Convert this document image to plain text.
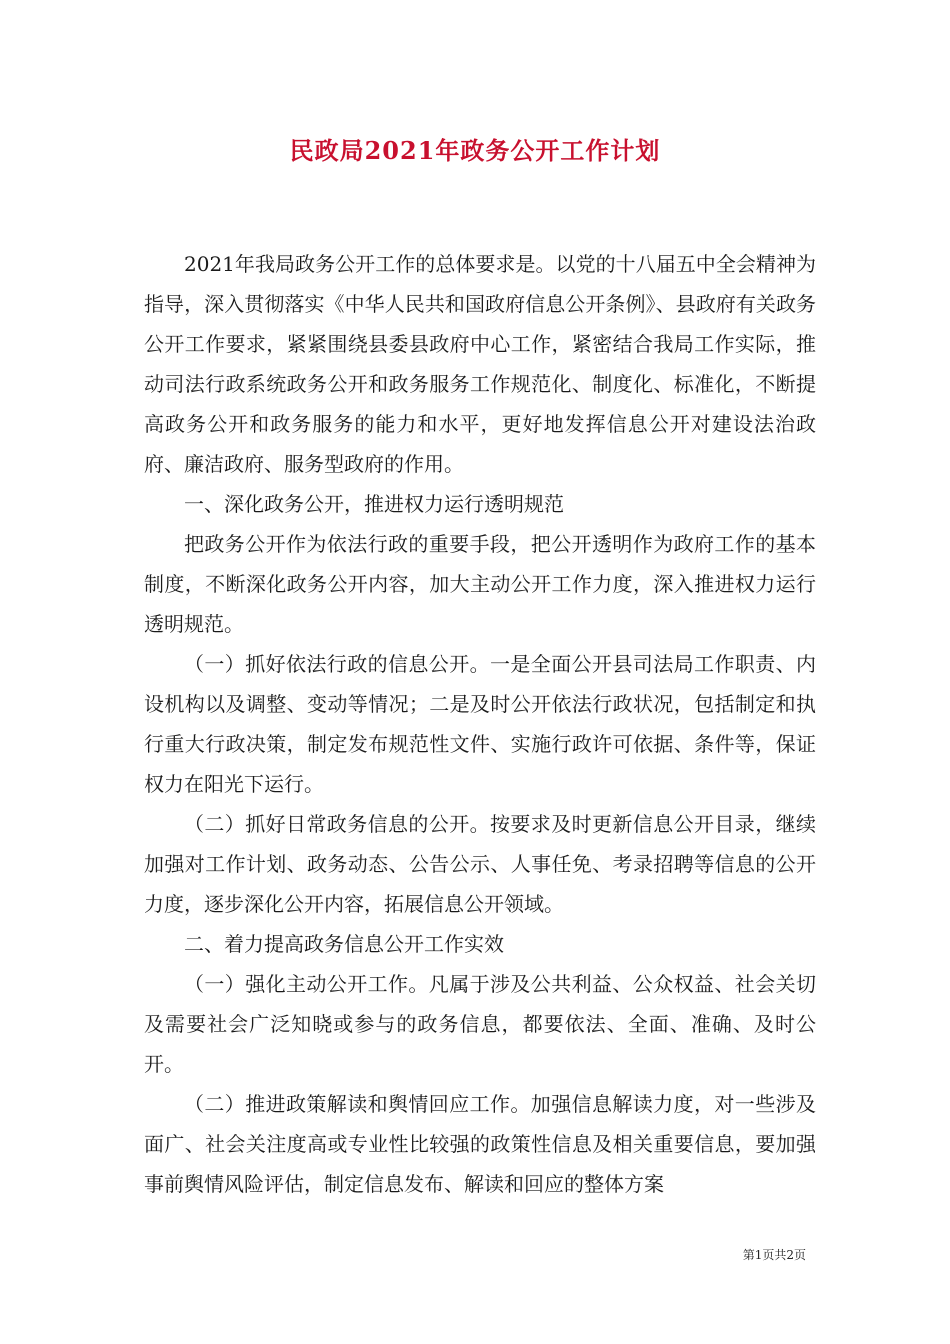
民政局2021年政务公开工作计划

2021年我局政务公开工作的总体要求是。以党的十八届五中全会精神为指导，深入贯彻落实《中华人民共和国政府信息公开条例》、县政府有关政务公开工作要求，紧紧围绕县委县政府中心工作，紧密结合我局工作实际，推动司法行政系统政务公开和政务服务工作规范化、制度化、标准化，不断提高政务公开和政务服务的能力和水平，更好地发挥信息公开对建设法治政府、廉洁政府、服务型政府的作用。

一、深化政务公开，推进权力运行透明规范

把政务公开作为依法行政的重要手段，把公开透明作为政府工作的基本制度，不断深化政务公开内容，加大主动公开工作力度，深入推进权力运行透明规范。

（一）抓好依法行政的信息公开。一是全面公开县司法局工作职责、内设机构以及调整、变动等情况；二是及时公开依法行政状况，包括制定和执行重大行政决策，制定发布规范性文件、实施行政许可依据、条件等，保证权力在阳光下运行。

（二）抓好日常政务信息的公开。按要求及时更新信息公开目录，继续加强对工作计划、政务动态、公告公示、人事任免、考录招聘等信息的公开力度，逐步深化公开内容，拓展信息公开领域。

二、着力提高政务信息公开工作实效

（一）强化主动公开工作。凡属于涉及公共利益、公众权益、社会关切及需要社会广泛知晓或参与的政务信息，都要依法、全面、准确、及时公开。

（二）推进政策解读和舆情回应工作。加强信息解读力度，对一些涉及面广、社会关注度高或专业性比较强的政策性信息及相关重要信息，要加强事前舆情风险评估，制定信息发布、解读和回应的整体方案

第1页共2页
